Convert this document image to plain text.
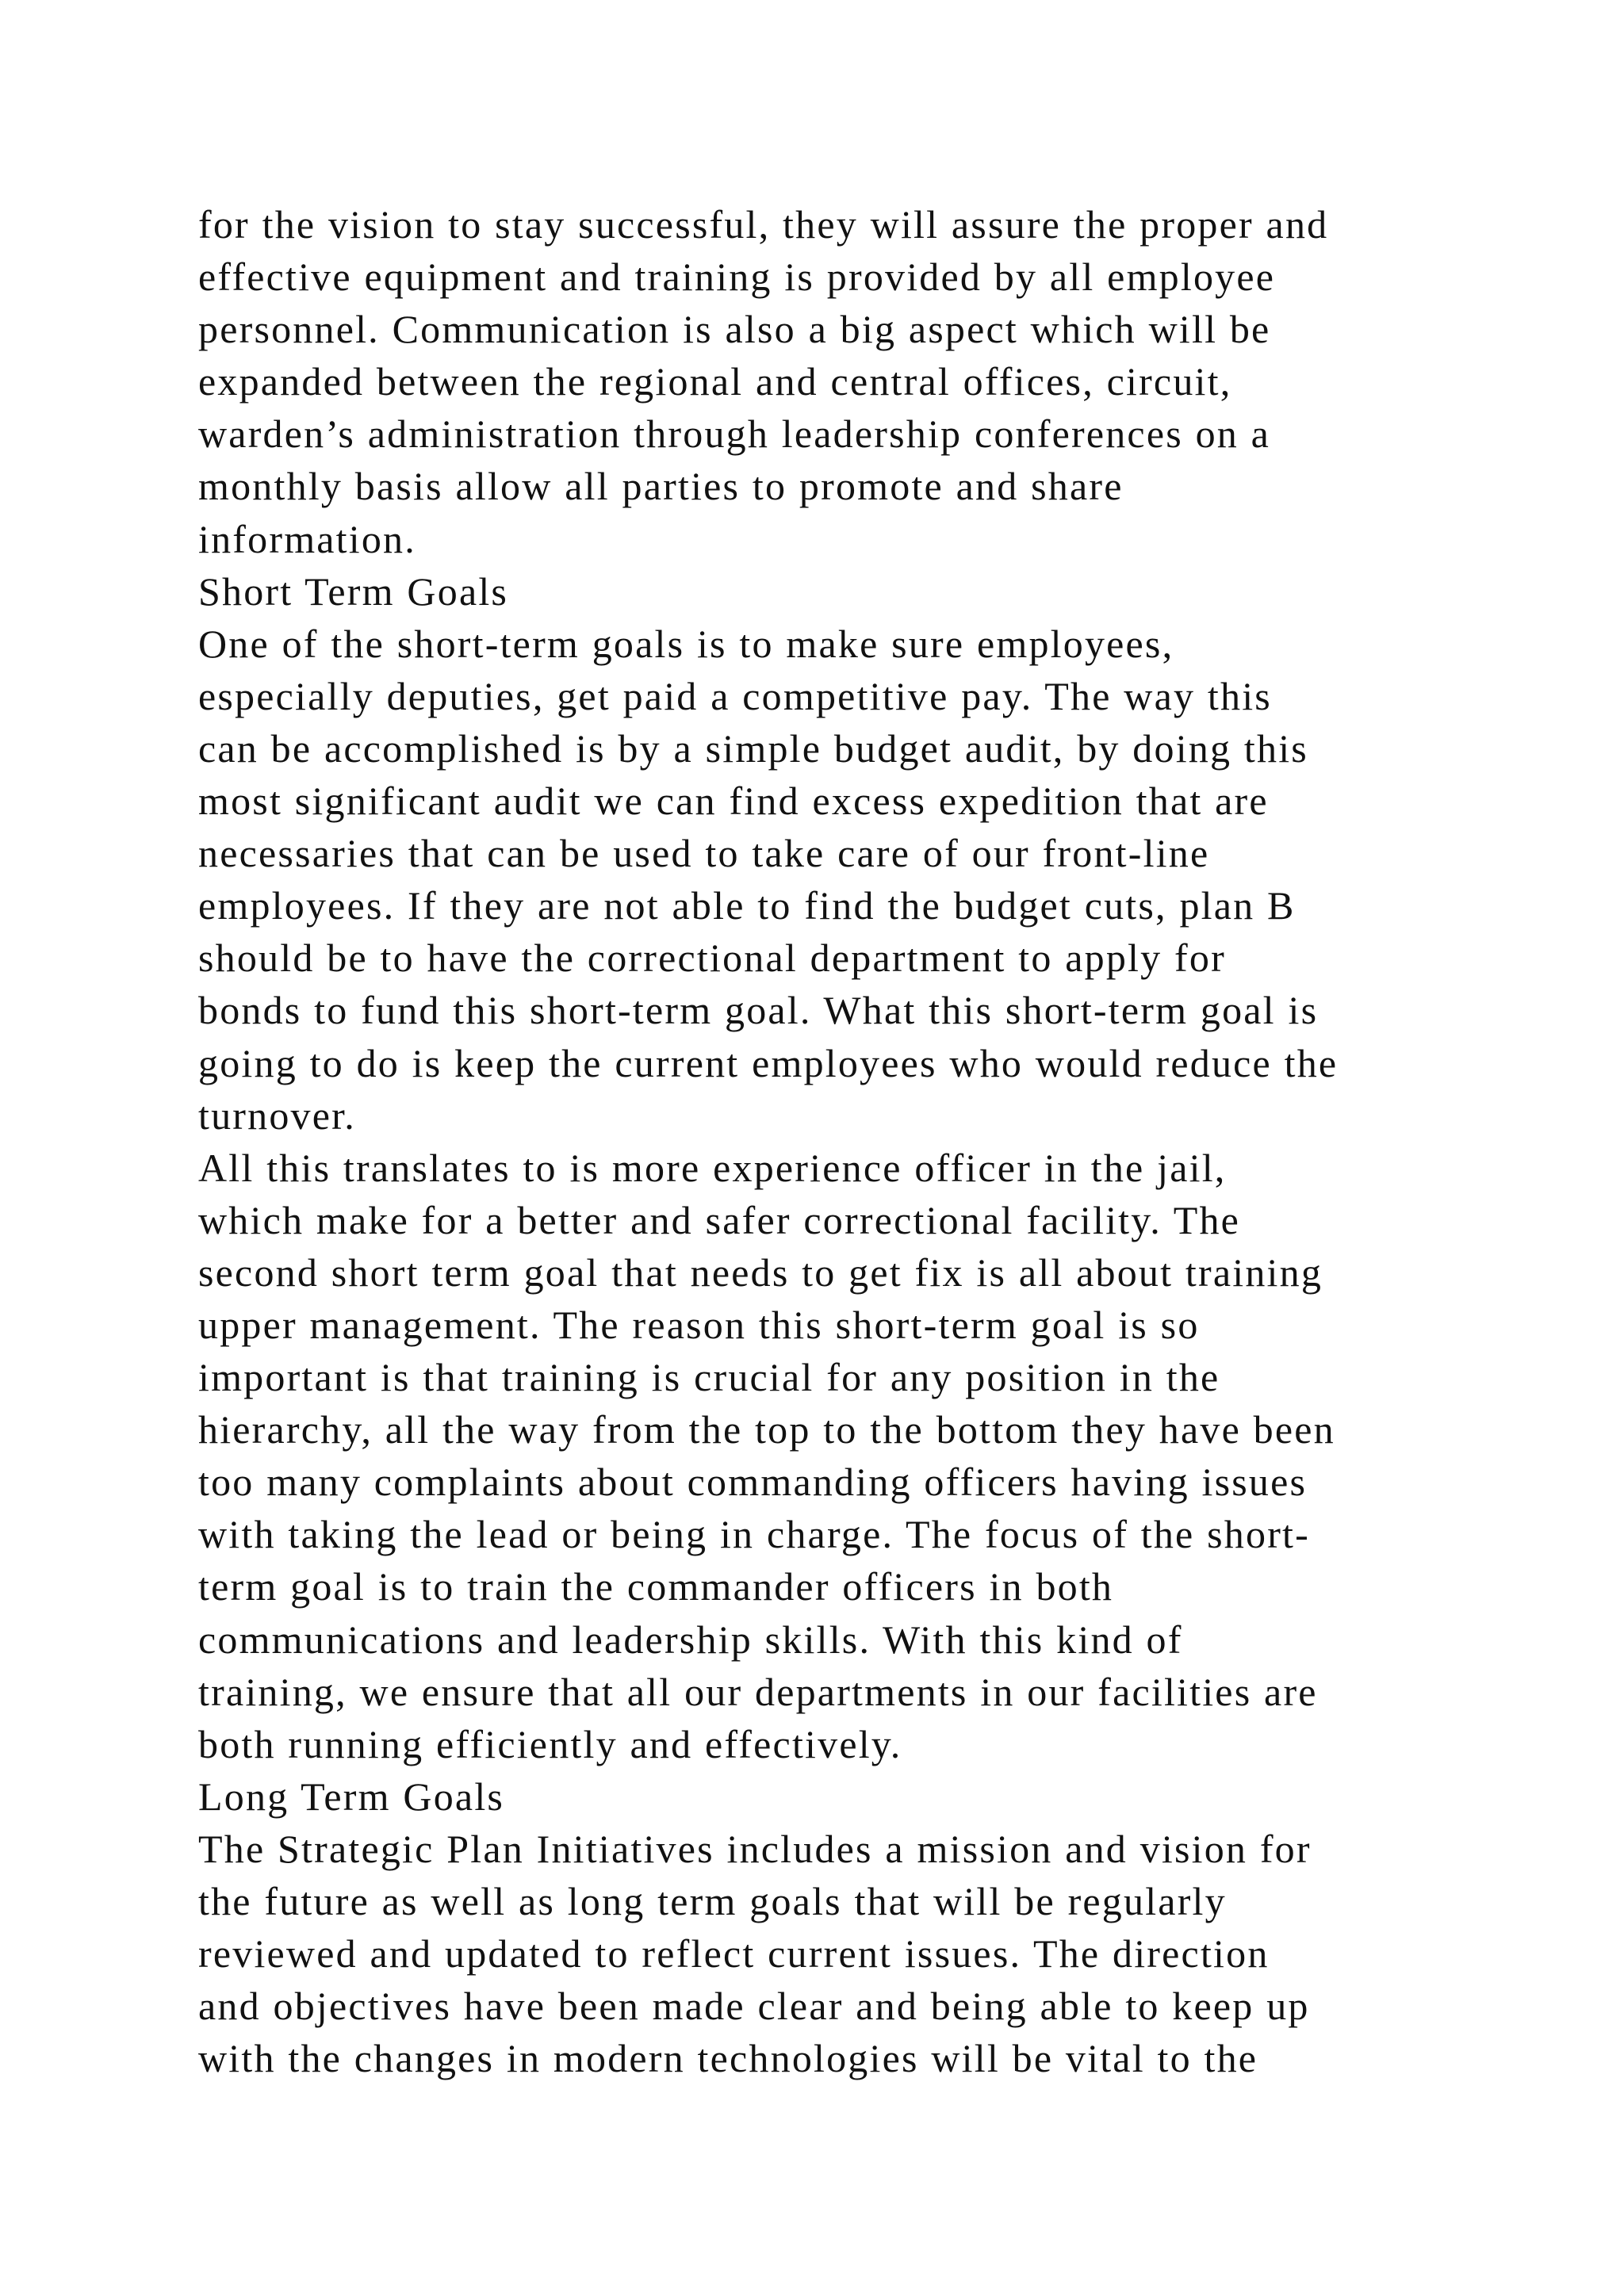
for the vision to stay successful, they will assure the proper and
effective equipment and training is provided by all employee
personnel. Communication is also a big aspect which will be
expanded between the regional and central offices, circuit,
warden’s administration through leadership conferences on a
monthly basis allow all parties to promote and share
information.
Short Term Goals
One of the short-term goals is to make sure employees,
especially deputies, get paid a competitive pay. The way this
can be accomplished is by a simple budget audit, by doing this
most significant audit we can find excess expedition that are
necessaries that can be used to take care of our front-line
employees. If they are not able to find the budget cuts, plan B
should be to have the correctional department to apply for
bonds to fund this short-term goal. What this short-term goal is
going to do is keep the current employees who would reduce the
turnover.
All this translates to is more experience officer in the jail,
which make for a better and safer correctional facility. The
second short term goal that needs to get fix is all about training
upper management. The reason this short-term goal is so
important is that training is crucial for any position in the
hierarchy, all the way from the top to the bottom they have been
too many complaints about commanding officers having issues
with taking the lead or being in charge. The focus of the short-
term goal is to train the commander officers in both
communications and leadership skills. With this kind of
training, we ensure that all our departments in our facilities are
both running efficiently and effectively.
Long Term Goals
The Strategic Plan Initiatives includes a mission and vision for
the future as well as long term goals that will be regularly
reviewed and updated to reflect current issues. The direction
and objectives have been made clear and being able to keep up
with the changes in modern technologies will be vital to the
